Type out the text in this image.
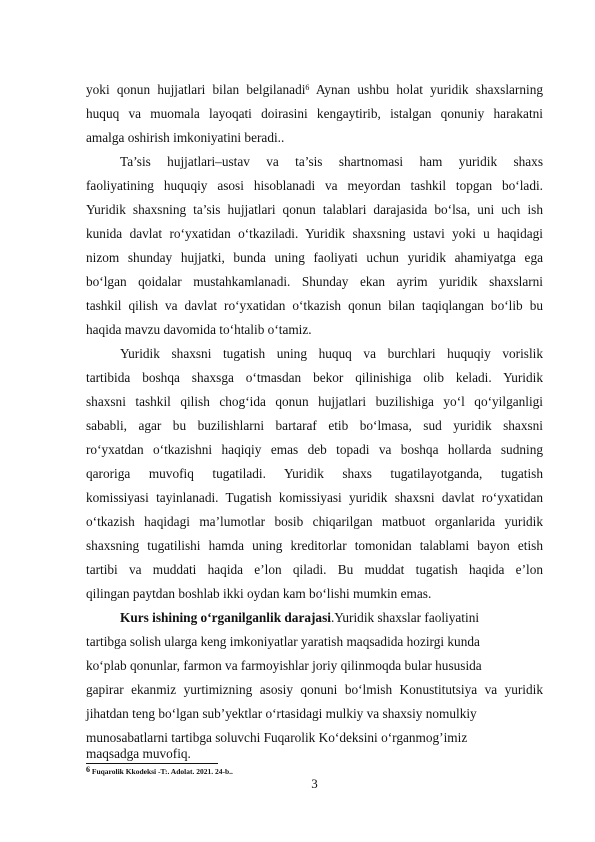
yoki qonun hujjatlari bilan belgilanadi$^6$ Aynan ushbu holat yuridik shaxslarning
huquq va muomala layoqati doirasini kengaytirib, istalgan qonuniy harakatni
amalga oshirish imkoniyatini beradi..
Ta’sis hujjatlari–ustav va ta’sis shartnomasi ham yuridik shaxs
faoliyatining huquqiy asosi hisoblanadi va meyordan tashkil topgan bo‘ladi.
Yuridik shaxsning ta’sis hujjatlari qonun talablari darajasida bo‘lsa, uni uch ish
kunida davlat ro‘yxatidan o‘tkaziladi. Yuridik shaxsning ustavi yoki u haqidagi
nizom shunday hujjatki, bunda uning faoliyati uchun yuridik ahamiyatga ega
bo‘lgan qoidalar mustahkamlanadi. Shunday ekan ayrim yuridik shaxslarni
tashkil qilish va davlat ro‘yxatidan o‘tkazish qonun bilan taqiqlangan bo‘lib bu
haqida mavzu davomida to‘htalib o‘tamiz.
Yuridik shaxsni tugatish uning huquq va burchlari huquqiy vorislik
tartibida boshqa shaxsga o‘tmasdan bekor qilinishiga olib keladi. Yuridik
shaxsni tashkil qilish chog‘ida qonun hujjatlari buzilishiga yo‘l qo‘yilganligi
sababli, agar bu buzilishlarni bartaraf etib bo‘lmasa, sud yuridik shaxsni
ro‘yxatdan o‘tkazishni haqiqiy emas deb topadi va boshqa hollarda sudning
qaroriga muvofiq tugatiladi. Yuridik shaxs tugatilayotganda, tugatish
komissiyasi tayinlanadi. Tugatish komissiyasi yuridik shaxsni davlat ro‘yxatidan
o‘tkazish haqidagi ma’lumotlar bosib chiqarilgan matbuot organlarida yuridik
shaxsning tugatilishi hamda uning kreditorlar tomonidan talablami bayon etish
tartibi va muddati haqida e’lon qiladi. Bu muddat tugatish haqida e’lon
qilingan paytdan boshlab ikki oydan kam bo‘lishi mumkin emas.
Kurs ishining o‘rganilganlik darajasi.Yuridik shaxslar faoliyatini
tartibga solish ularga keng imkoniyatlar yaratish maqsadida hozirgi kunda
ko‘plab qonunlar, farmon va farmoyishlar joriy qilinmoqda bular hususida
gapirar ekanmiz yurtimizning asosiy qonuni bo‘lmish Konustitutsiya va yuridik
jihatdan teng bo‘lgan sub’yektlar o‘rtasidagi mulkiy va shaxsiy nomulkiy
munosabatlarni tartibga soluvchi Fuqarolik Ko‘deksini o‘rganmog’imiz
maqsadga muvofiq.
$^6$ Fuqarolik Kkodeksi -T:. Adolat. 2021. 24-b..
3
